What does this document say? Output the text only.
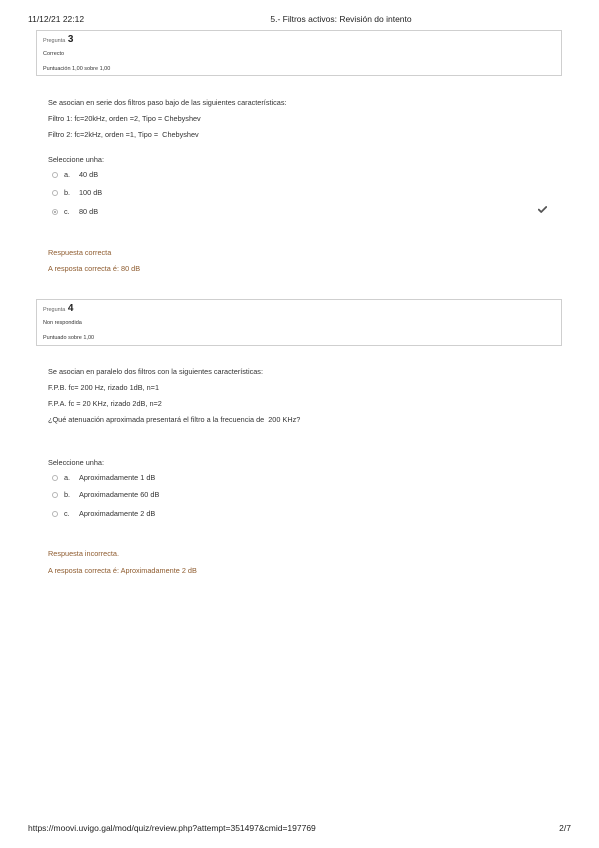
11/12/21 22:12	5.- Filtros activos: Revisión do intento
Pregunta 3
Correcto
Puntuación 1,00 sobre 1,00

Se asocian en serie dos filtros paso bajo de las siguientes características:

Filtro 1: fc=20kHz, orden =2, Tipo = Chebyshev

Filtro 2: fc=2kHz, orden =1, Tipo =  Chebyshev

Seleccione unha:
a.	40 dB
b.	100 dB
c.	80 dB
Respuesta correcta
A resposta correcta é: 80 dB
Pregunta 4
Non respondida
Puntuado sobre 1,00

Se asocian en paralelo dos filtros con la siguientes características:

F.P.B. fc= 200 Hz, rizado 1dB, n=1

F.P.A. fc = 20 KHz, rizado 2dB, n=2

¿Qué atenuación aproximada presentará el filtro a la frecuencia de  200 KHz?

Seleccione unha:
a.	Aproximadamente 1 dB
b.	Aproximadamente 60 dB
c.	Aproximadamente 2 dB
Respuesta incorrecta.
A resposta correcta é: Aproximadamente 2 dB
https://moovi.uvigo.gal/mod/quiz/review.php?attempt=351497&cmid=197769	2/7
